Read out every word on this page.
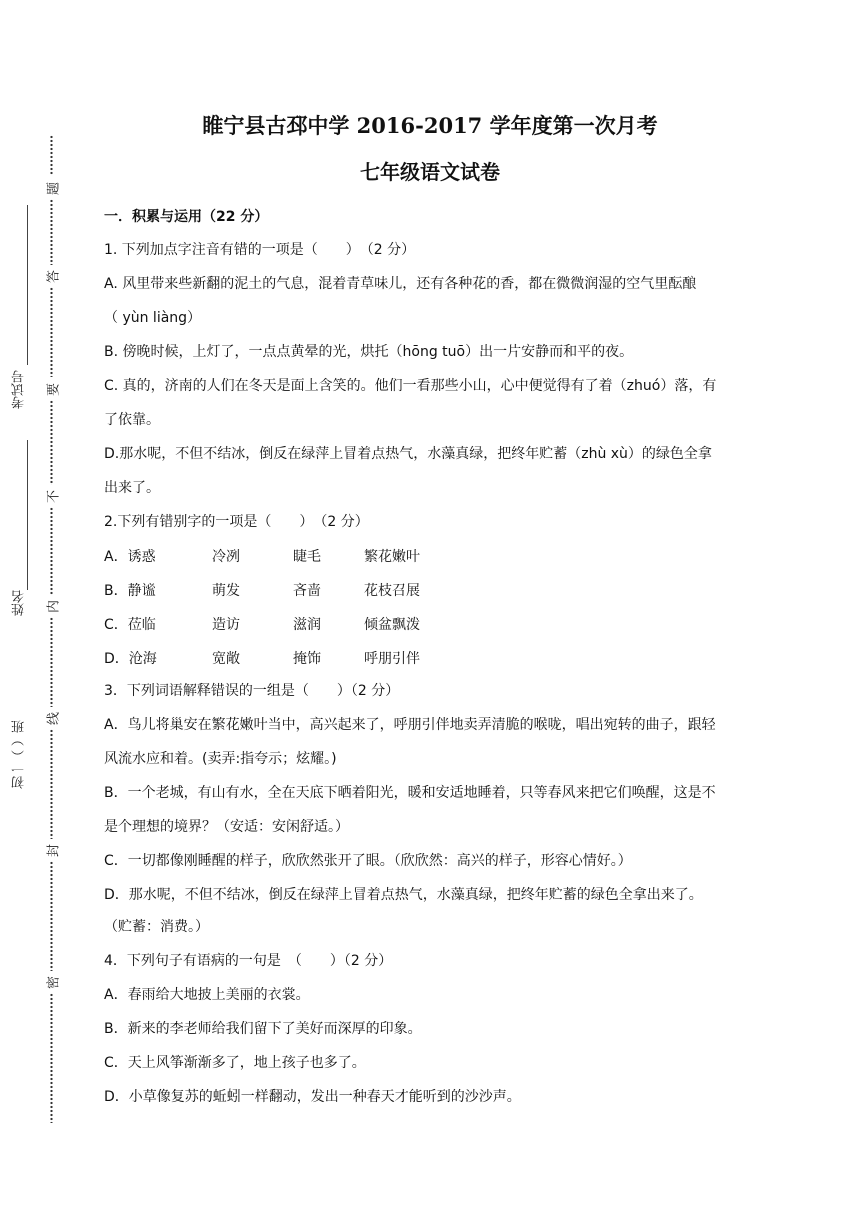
考试号
姓名
初一（ ）班
题
答
要
不
内
线
封
密
睢宁县古邳中学 2016-2017 学年度第一次月考
七年级语文试卷
一．积累与运用（22 分）
1. 下列加点字注音有错的一项是（　　）　（2 分）
A. 风里带来些新翻的泥土的气息，混着青草味儿，还有各种花的香，都在微微润湿的空气里酝酿
（ yùn liàng）
B. 傍晚时候，上灯了，一点点黄晕的光，烘托（hōng tuō）出一片安静而和平的夜。
C. 真的，济南的人们在冬天是面上含笑的。他们一看那些小山，心中便觉得有了着（zhuó）落，有
了依靠。
D.那水呢，不但不结冰，倒反在绿萍上冒着点热气，水藻真绿，把终年贮蓄（zhù xù）的绿色全拿
出来了。
2.下列有错别字的一项是（　　）　（2 分）
A．诱惑	冷冽	睫毛	繁花嫩叶
B．静谧	萌发	吝啬	花枝召展
C．莅临	造访	滋润	倾盆飘泼
D．沧海	宽敞	掩饰	呼朋引伴
3．下列词语解释错误的一组是（　　）（2 分）
A．鸟儿将巢安在繁花嫩叶当中，高兴起来了，呼朋引伴地卖弄清脆的喉咙，唱出宛转的曲子，跟轻
风流水应和着。(卖弄:指夸示；炫耀。)
B．一个老城，有山有水，全在天底下晒着阳光，暖和安适地睡着，只等春风来把它们唤醒，这是不
是个理想的境界？（安适：安闲舒适。）
C．一切都像刚睡醒的样子，欣欣然张开了眼。（欣欣然：高兴的样子，形容心情好。）
D．那水呢，不但不结冰，倒反在绿萍上冒着点热气，水藻真绿，把终年贮蓄的绿色全拿出来了。
（贮蓄：消费。）
4．下列句子有语病的一句是　（　　）（2 分）
A．春雨给大地披上美丽的衣裳。
B．新来的李老师给我们留下了美好而深厚的印象。
C．天上风筝渐渐多了，地上孩子也多了。
D．小草像复苏的蚯蚓一样翻动，发出一种春天才能听到的沙沙声。
